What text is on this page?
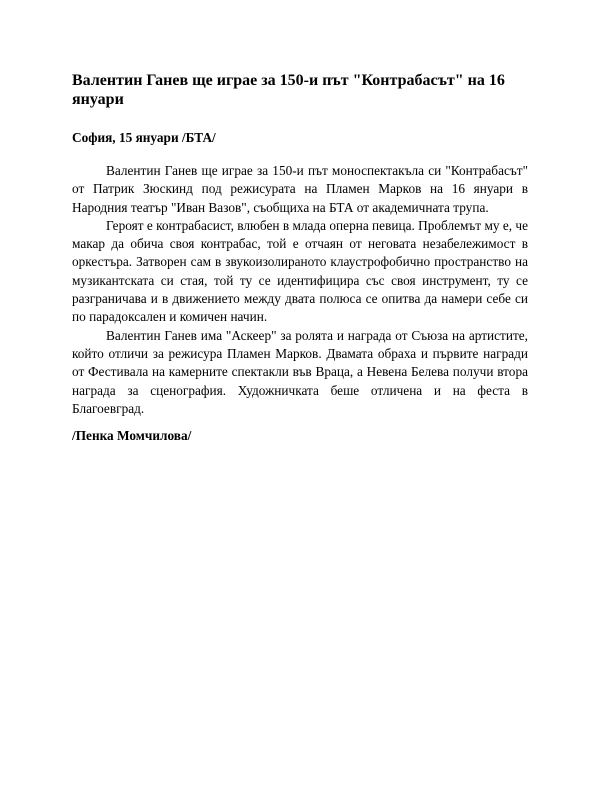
Валентин Ганев ще играе за 150-и път "Контрабасът" на 16 януари

София, 15 януари /БТА/

Валентин Ганев ще играе за 150-и път моноспектакъла си "Контрабасът" от Патрик Зюскинд под режисурата на Пламен Марков на 16 януари в Народния театър "Иван Вазов", съобщиха на БТА от академичната трупа.

Героят е контрабасист, влюбен в млада оперна певица. Проблемът му е, че макар да обича своя контрабас, той е отчаян от неговата незабележимост в оркестъра. Затворен сам в звукоизолираното клаустрофобично пространство на музикантската си стая, той ту се идентифицира със своя инструмент, ту се разграничава и в движението между двата полюса се опитва да намери себе си по парадоксален и комичен начин.

Валентин Ганев има "Аскеер" за ролята и награда от Съюза на артистите, който отличи за режисура Пламен Марков. Двамата обраха и първите награди от Фестивала на камерните спектакли във Враца, а Невена Белева получи втора награда за сценография. Художничката беше отличена и на феста в Благоевград.

/Пенка Момчилова/
